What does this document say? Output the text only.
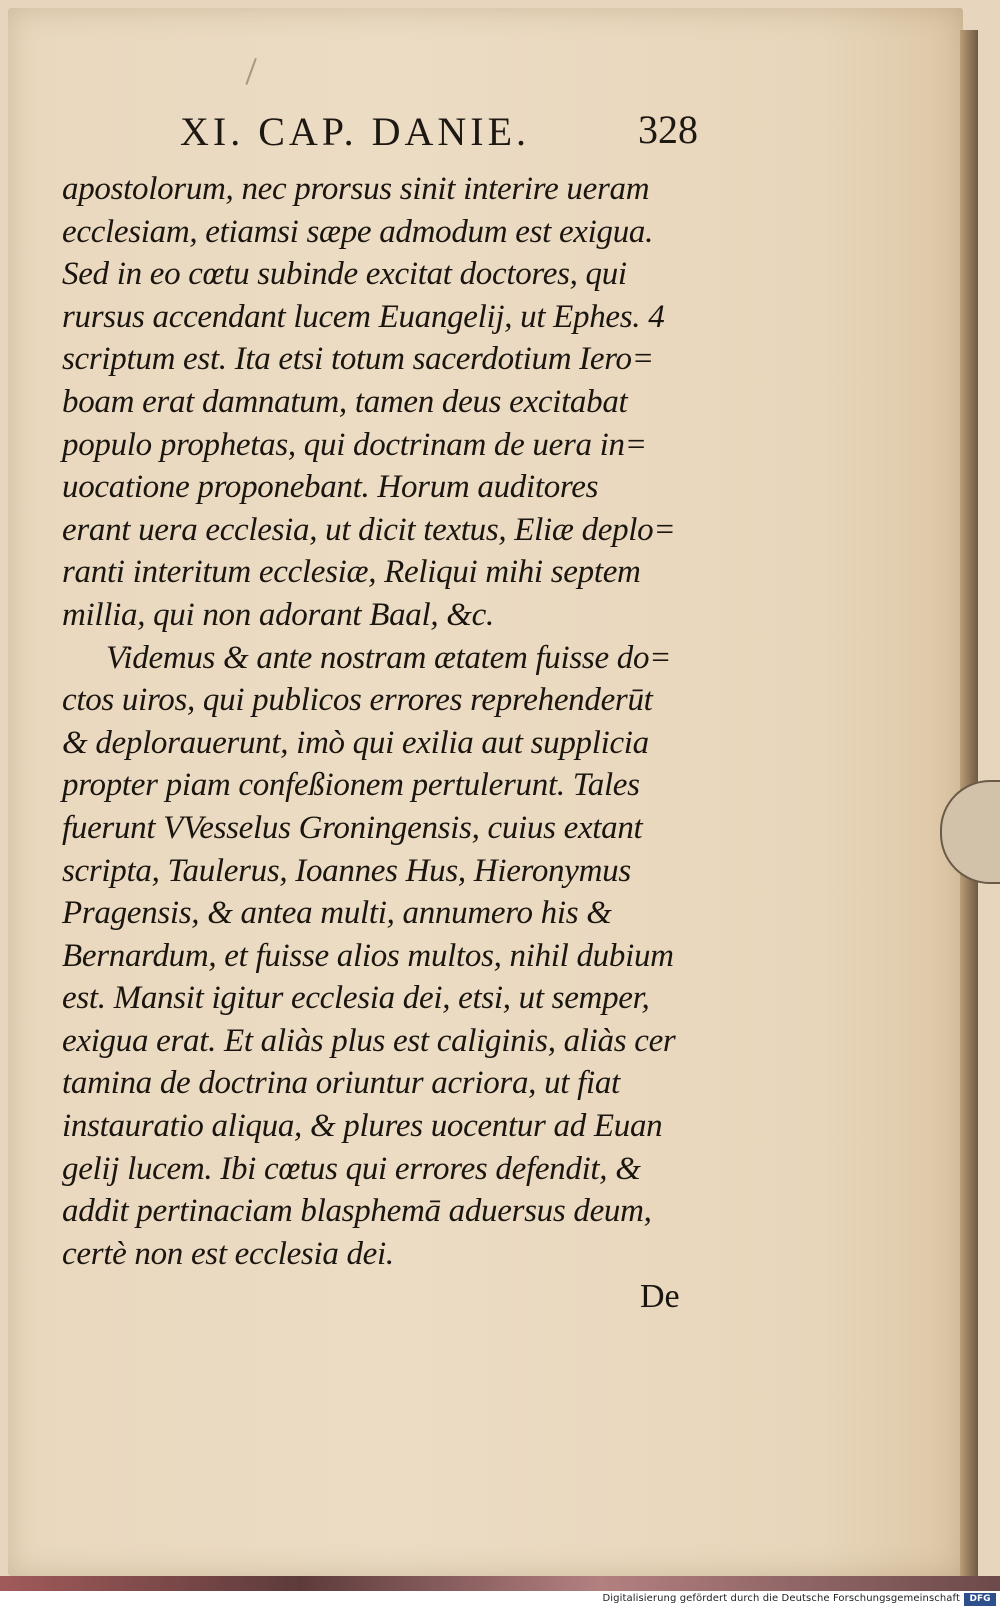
XI. CAP. DANIE.	328
apostolorum, nec prorsus sinit interire ueram
ecclesiam, etiamsi sæpe admodum est exigua.
Sed in eo cœtu subinde excitat doctores, qui
rursus accendant lucem Euangelij, ut Ephes. 4
scriptum est. Ita etsi totum sacerdotium Iero=
boam erat damnatum, tamen deus excitabat
populo prophetas, qui doctrinam de uera in=
uocatione proponebant. Horum auditores
erant uera ecclesia, ut dicit textus, Eliæ deplo=
ranti interitum ecclesiæ, Reliqui mihi septem
millia, qui non adorant Baal, &c.
Videmus & ante nostram ætatem fuisse do=
ctos uiros, qui publicos errores reprehenderūt
& deplorauerunt, imò qui exilia aut supplicia
propter piam confeßionem pertulerunt. Tales
fuerunt VVesselus Groningensis, cuius extant
scripta, Taulerus, Ioannes Hus, Hieronymus
Pragensis, & antea multi, annumero his &
Bernardum, et fuisse alios multos, nihil dubium
est. Mansit igitur ecclesia dei, etsi, ut semper,
exigua erat. Et aliàs plus est caliginis, aliàs cer
tamina de doctrina oriuntur acriora, ut fiat
instauratio aliqua, & plures uocentur ad Euan
gelij lucem. Ibi cœtus qui errores defendit, &
addit pertinaciam blasphemā aduersus deum,
certè non est ecclesia dei.
De
Digitalisierung gefördert durch die Deutsche Forschungsgemeinschaft	DFG
